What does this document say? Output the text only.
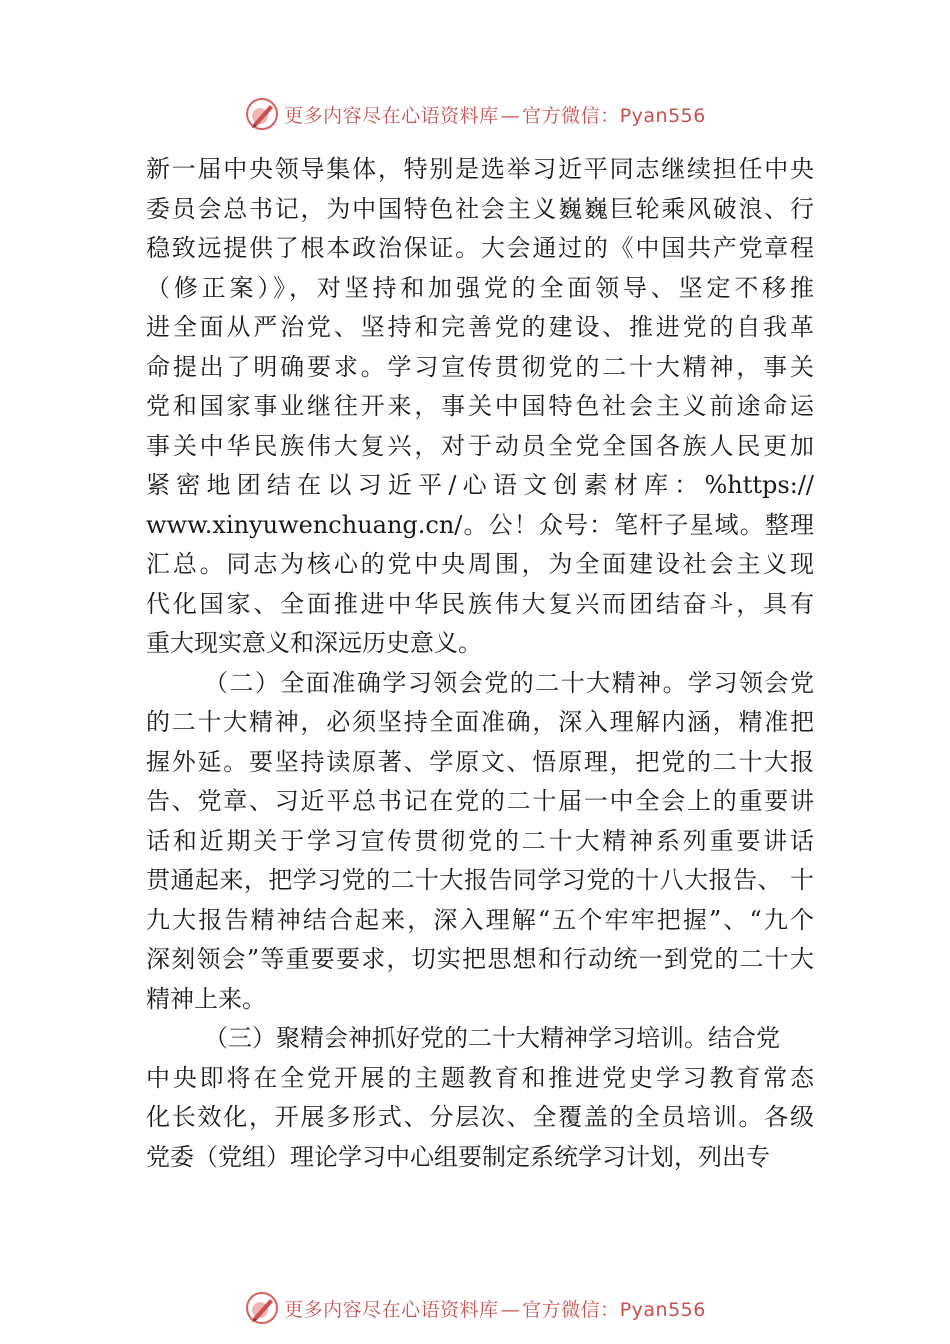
更多内容尽在心语资料库 — 官方微信：Pyan556
新一届中央领导集体，特别是选举习近平同志继续担任中央
委员会总书记，为中国特色社会主义巍巍巨轮乘风破浪、行
稳致远提供了根本政治保证。大会通过的《中国共产党章程
（修正案）》，对坚持和加强党的全面领导、坚定不移推
进全面从严治党、坚持和完善党的建设、推进党的自我革
命提出了明确要求。学习宣传贯彻党的二十大精神，事关
党和国家事业继往开来，事关中国特色社会主义前途命运
事关中华民族伟大复兴，对于动员全党全国各族人民更加
紧密地团结在以习近平/心语文创素材库：%https://
www.xinyuwenchuang.cn/。公！众号：笔杆子星域。整理
汇总。同志为核心的党中央周围，为全面建设社会主义现
代化国家、全面推进中华民族伟大复兴而团结奋斗，具有
重大现实意义和深远历史意义。
（二）全面准确学习领会党的二十大精神。学习领会党
的二十大精神，必须坚持全面准确，深入理解内涵，精准把
握外延。要坚持读原著、学原文、悟原理，把党的二十大报
告、党章、习近平总书记在党的二十届一中全会上的重要讲
话和近期关于学习宣传贯彻党的二十大精神系列重要讲话
贯通起来，把学习党的二十大报告同学习党的十八大报告、 十
九大报告精神结合起来，深入理解“五个牢牢把握”、“九个
深刻领会”等重要要求，切实把思想和行动统一到党的二十大
精神上来。
（三）聚精会神抓好党的二十大精神学习培训。结合党
中央即将在全党开展的主题教育和推进党史学习教育常态
化长效化，开展多形式、分层次、全覆盖的全员培训。各级
党委（党组）理论学习中心组要制定系统学习计划，列出专
更多内容尽在心语资料库 — 官方微信：Pyan556
